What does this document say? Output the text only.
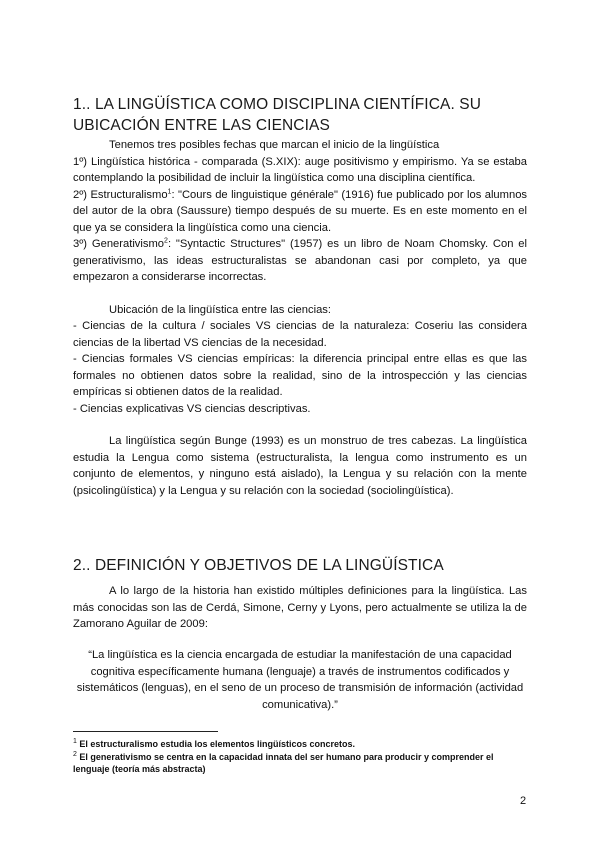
1.. LA LINGÜÍSTICA COMO DISCIPLINA CIENTÍFICA. SU
UBICACIÓN ENTRE LAS CIENCIAS

Tenemos tres posibles fechas que marcan el inicio de la lingüística

1º) Lingüística histórica - comparada (S.XIX): auge positivismo y empirismo. Ya se estaba contemplando la posibilidad de incluir la lingüística como una disciplina científica.

2º) Estructuralismo$^1$: "Cours de linguistique générale" (1916) fue publicado por los alumnos del autor de la obra (Saussure) tiempo después de su muerte. Es en este momento en el que ya se considera la lingüística como una ciencia.

3º) Generativismo$^2$: "Syntactic Structures" (1957) es un libro de Noam Chomsky. Con el generativismo, las ideas estructuralistas se abandonan casi por completo, ya que empezaron a considerarse incorrectas.

Ubicación de la lingüística entre las ciencias:

- Ciencias de la cultura / sociales VS ciencias de la naturaleza: Coseriu las considera ciencias de la libertad VS ciencias de la necesidad.

- Ciencias formales VS ciencias empíricas: la diferencia principal entre ellas es que las formales no obtienen datos sobre la realidad, sino de la introspección y las ciencias empíricas si obtienen datos de la realidad.

- Ciencias explicativas VS ciencias descriptivas.

La lingüística según Bunge (1993) es un monstruo de tres cabezas. La lingüística estudia la Lengua como sistema (estructuralista, la lengua como instrumento es un conjunto de elementos, y ninguno está aislado), la Lengua y su relación con la mente (psicolingüística) y la Lengua y su relación con la sociedad (sociolingüística).

2.. DEFINICIÓN Y OBJETIVOS DE LA LINGÜÍSTICA

A lo largo de la historia han existido múltiples definiciones para la lingüística. Las más conocidas son las de Cerdá, Simone, Cerny y Lyons, pero actualmente se utiliza la de Zamorano Aguilar de 2009:

“La lingüística es la ciencia encargada de estudiar la manifestación de una capacidad cognitiva específicamente humana (lenguaje) a través de instrumentos codificados y sistemáticos (lenguas), en el seno de un proceso de transmisión de información (actividad comunicativa).”
$^1$ El estructuralismo estudia los elementos lingüísticos concretos.
$^2$ El generativismo se centra en la capacidad innata del ser humano para producir y comprender el lenguaje (teoría más abstracta)
2
